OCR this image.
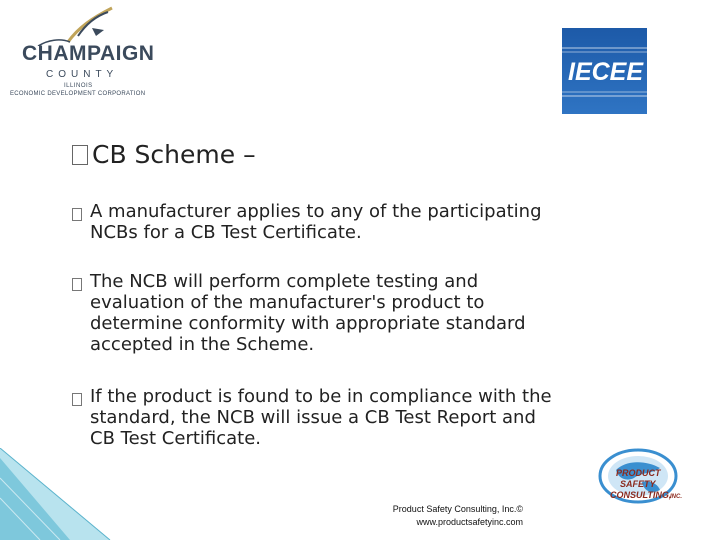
CHAMPAIGN
COUNTY
ILLINOIS
ECONOMIC DEVELOPMENT CORPORATION
IECEE
CB Scheme –
A manufacturer applies to any of the participating
NCBs for a CB Test Certificate.
The NCB will perform complete testing and
evaluation of the manufacturer's product to
determine conformity with appropriate standard
accepted in the Scheme.
If the product is found to be in compliance with the
standard, the NCB will issue a CB Test Report and
CB Test Certificate.
PRODUCT
SAFETY
CONSULTING,
INC.
Product Safety Consulting, Inc.©
www.productsafetyinc.com
